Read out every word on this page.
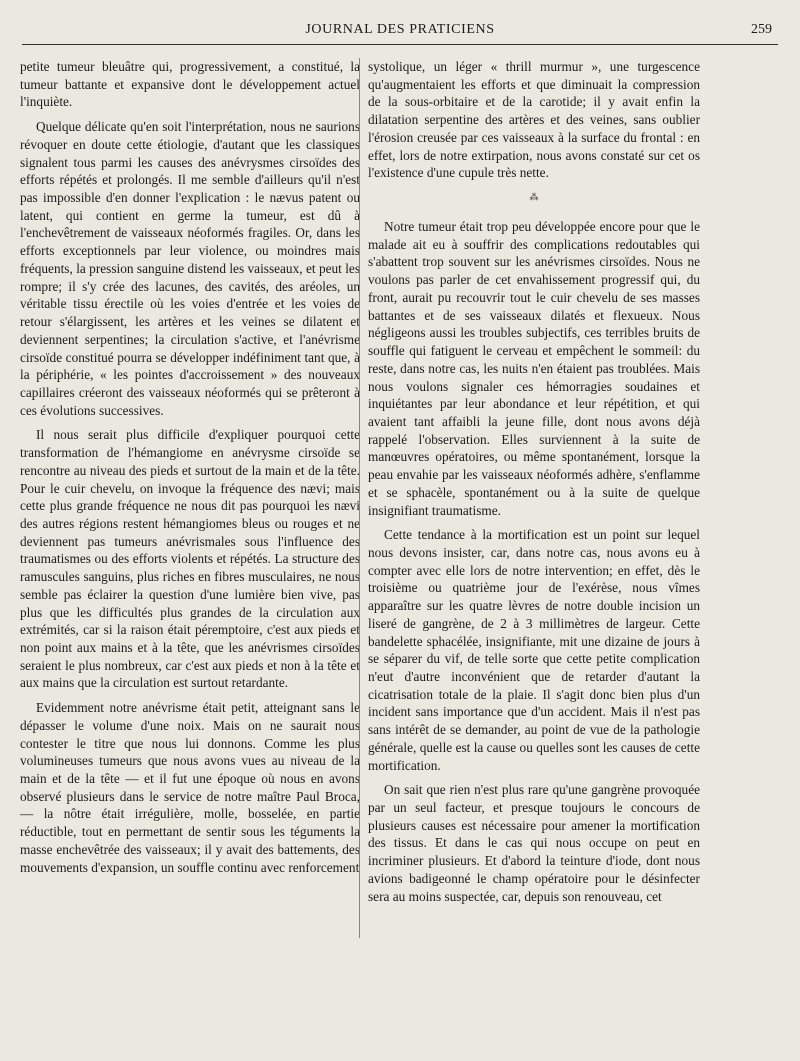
JOURNAL DES PRATICIENS	259

petite tumeur bleuâtre qui, progressivement, a constitué, la tumeur battante et expansive dont le développement actuel l'inquiète.

Quelque délicate qu'en soit l'interprétation, nous ne saurions révoquer en doute cette étiologie, d'autant que les classiques signalent tous parmi les causes des anévrysmes cirsoïdes des efforts répétés et prolongés. Il me semble d'ailleurs qu'il n'est pas impossible d'en donner l'explication : le nævus patent ou latent, qui contient en germe la tumeur, est dû à l'enchevêtrement de vaisseaux néoformés fragiles. Or, dans les efforts exceptionnels par leur violence, ou moindres mais fréquents, la pression sanguine distend les vaisseaux, et peut les rompre; il s'y crée des lacunes, des cavités, des aréoles, un véritable tissu érectile où les voies d'entrée et les voies de retour s'élargissent, les artères et les veines se dilatent et deviennent serpentines; la circulation s'active, et l'anévrisme cirsoïde constitué pourra se développer indéfiniment tant que, à la périphérie, « les pointes d'accroissement » des nouveaux capillaires créeront des vaisseaux néoformés qui se prêteront à ces évolutions successives.

Il nous serait plus difficile d'expliquer pourquoi cette transformation de l'hémangiome en anévrysme cirsoïde se rencontre au niveau des pieds et surtout de la main et de la tête. Pour le cuir chevelu, on invoque la fréquence des nævi; mais cette plus grande fréquence ne nous dit pas pourquoi les nævi des autres régions restent hémangiomes bleus ou rouges et ne deviennent pas tumeurs anévrismales sous l'influence des traumatismes ou des efforts violents et répétés. La structure des ramuscules sanguins, plus riches en fibres musculaires, ne nous semble pas éclairer la question d'une lumière bien vive, pas plus que les difficultés plus grandes de la circulation aux extrémités, car si la raison était péremptoire, c'est aux pieds et non point aux mains et à la tête, que les anévrismes cirsoïdes seraient le plus nombreux, car c'est aux pieds et non à la tête et aux mains que la circulation est surtout retardante.

Evidemment notre anévrisme était petit, atteignant sans le dépasser le volume d'une noix. Mais on ne saurait nous contester le titre que nous lui donnons. Comme les plus volumineuses tumeurs que nous avons vues au niveau de la main et de la tête — et il fut une époque où nous en avons observé plusieurs dans le service de notre maître Paul Broca, — la nôtre était irrégulière, molle, bosselée, en partie réductible, tout en permettant de sentir sous les téguments la masse enchevêtrée des vaisseaux; il y avait des battements, des mouvements d'expansion, un souffle continu avec renforcement

systolique, un léger « thrill murmur », une turgescence qu'augmentaient les efforts et que diminuait la compression de la sous-orbitaire et de la carotide; il y avait enfin la dilatation serpentine des artères et des veines, sans oublier l'érosion creusée par ces vaisseaux à la surface du frontal : en effet, lors de notre extirpation, nous avons constaté sur cet os l'existence d'une cupule très nette.

⁂

Notre tumeur était trop peu développée encore pour que le malade ait eu à souffrir des complications redoutables qui s'abattent trop souvent sur les anévrismes cirsoïdes. Nous ne voulons pas parler de cet envahissement progressif qui, du front, aurait pu recouvrir tout le cuir chevelu de ses masses battantes et de ses vaisseaux dilatés et flexueux. Nous négligeons aussi les troubles subjectifs, ces terribles bruits de souffle qui fatiguent le cerveau et empêchent le sommeil: du reste, dans notre cas, les nuits n'en étaient pas troublées. Mais nous voulons signaler ces hémorragies soudaines et inquiétantes par leur abondance et leur répétition, et qui avaient tant affaibli la jeune fille, dont nous avons déjà rappelé l'observation. Elles surviennent à la suite de manœuvres opératoires, ou même spontanément, lorsque la peau envahie par les vaisseaux néoformés adhère, s'enflamme et se sphacèle, spontanément ou à la suite de quelque insignifiant traumatisme.

Cette tendance à la mortification est un point sur lequel nous devons insister, car, dans notre cas, nous avons eu à compter avec elle lors de notre intervention; en effet, dès le troisième ou quatrième jour de l'exérèse, nous vîmes apparaître sur les quatre lèvres de notre double incision un liseré de gangrène, de 2 à 3 millimètres de largeur. Cette bandelette sphacélée, insignifiante, mit une dizaine de jours à se séparer du vif, de telle sorte que cette petite complication n'eut d'autre inconvénient que de retarder d'autant la cicatrisation totale de la plaie. Il s'agit donc bien plus d'un incident sans importance que d'un accident. Mais il n'est pas sans intérêt de se demander, au point de vue de la pathologie générale, quelle est la cause ou quelles sont les causes de cette mortification.

On sait que rien n'est plus rare qu'une gangrène provoquée par un seul facteur, et presque toujours le concours de plusieurs causes est nécessaire pour amener la mortification des tissus. Et dans le cas qui nous occupe on peut en incriminer plusieurs. Et d'abord la teinture d'iode, dont nous avions badigeonné le champ opératoire pour le désinfecter sera au moins suspectée, car, depuis son renouveau, cet
